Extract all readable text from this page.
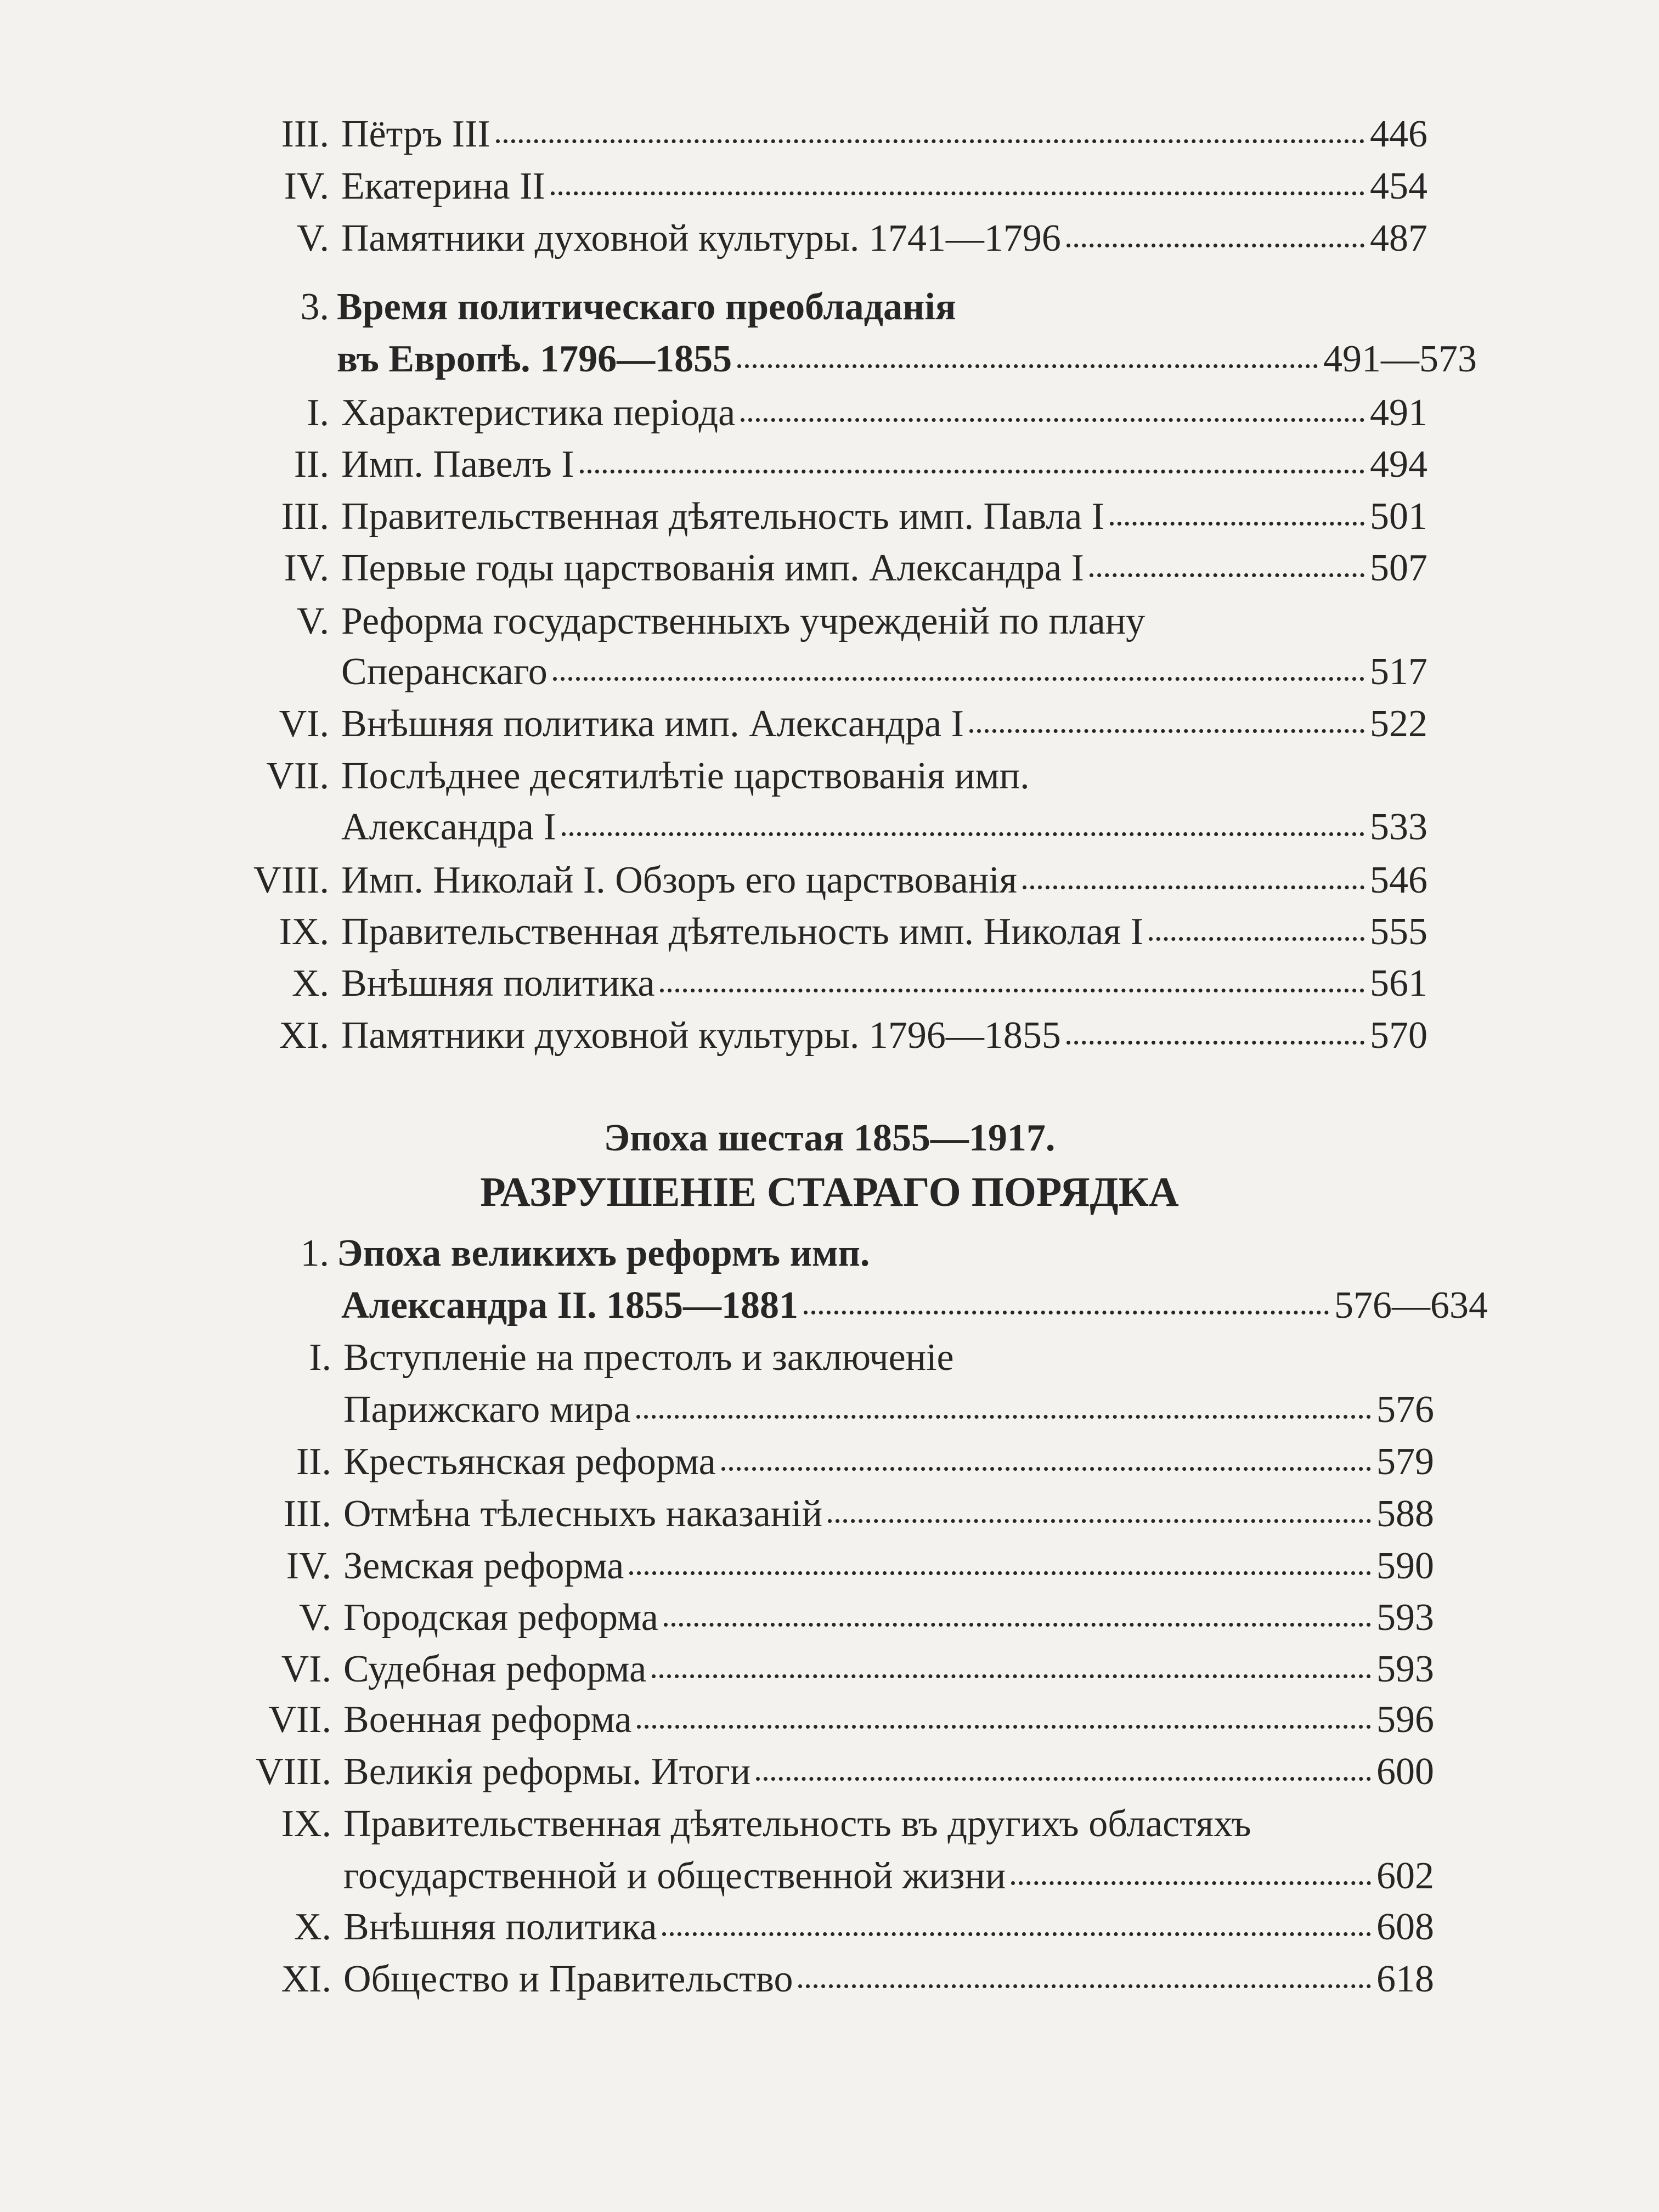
III. Пётръ III	446
IV. Екатерина II	454
V. Памятники духовной культуры. 1741—1796	487
3. Время политическаго преобладанія
въ Европѣ. 1796—1855	491—573
I. Характеристика періода	491
II. Имп. Павелъ I	494
III. Правительственная дѣятельность имп. Павла I	501
IV. Первые годы царствованія имп. Александра I	507
V. Реформа государственныхъ учрежденій по плану
Сперанскаго	517
VI. Внѣшняя политика имп. Александра I	522
VII. Послѣднее десятилѣтіе царствованія имп.
Александра I	533
VIII. Имп. Николай I. Обзоръ его царствованія	546
IX. Правительственная дѣятельность имп. Николая I	555
X. Внѣшняя политика	561
XI. Памятники духовной культуры. 1796—1855	570
Эпоха шестая 1855—1917.
РАЗРУШЕНІЕ СТАРАГО ПОРЯДКА
1. Эпоха великихъ реформъ имп.
Александра II. 1855—1881	576—634
I. Вступленіе на престолъ и заключеніе
Парижскаго мира	576
II. Крестьянская реформа	579
III. Отмѣна тѣлесныхъ наказаній	588
IV. Земская реформа	590
V. Городская реформа	593
VI. Судебная реформа	593
VII. Военная реформа	596
VIII. Великія реформы. Итоги	600
IX. Правительственная дѣятельность въ другихъ областяхъ
государственной и общественной жизни	602
X. Внѣшняя политика	608
XI. Общество и Правительство	618
